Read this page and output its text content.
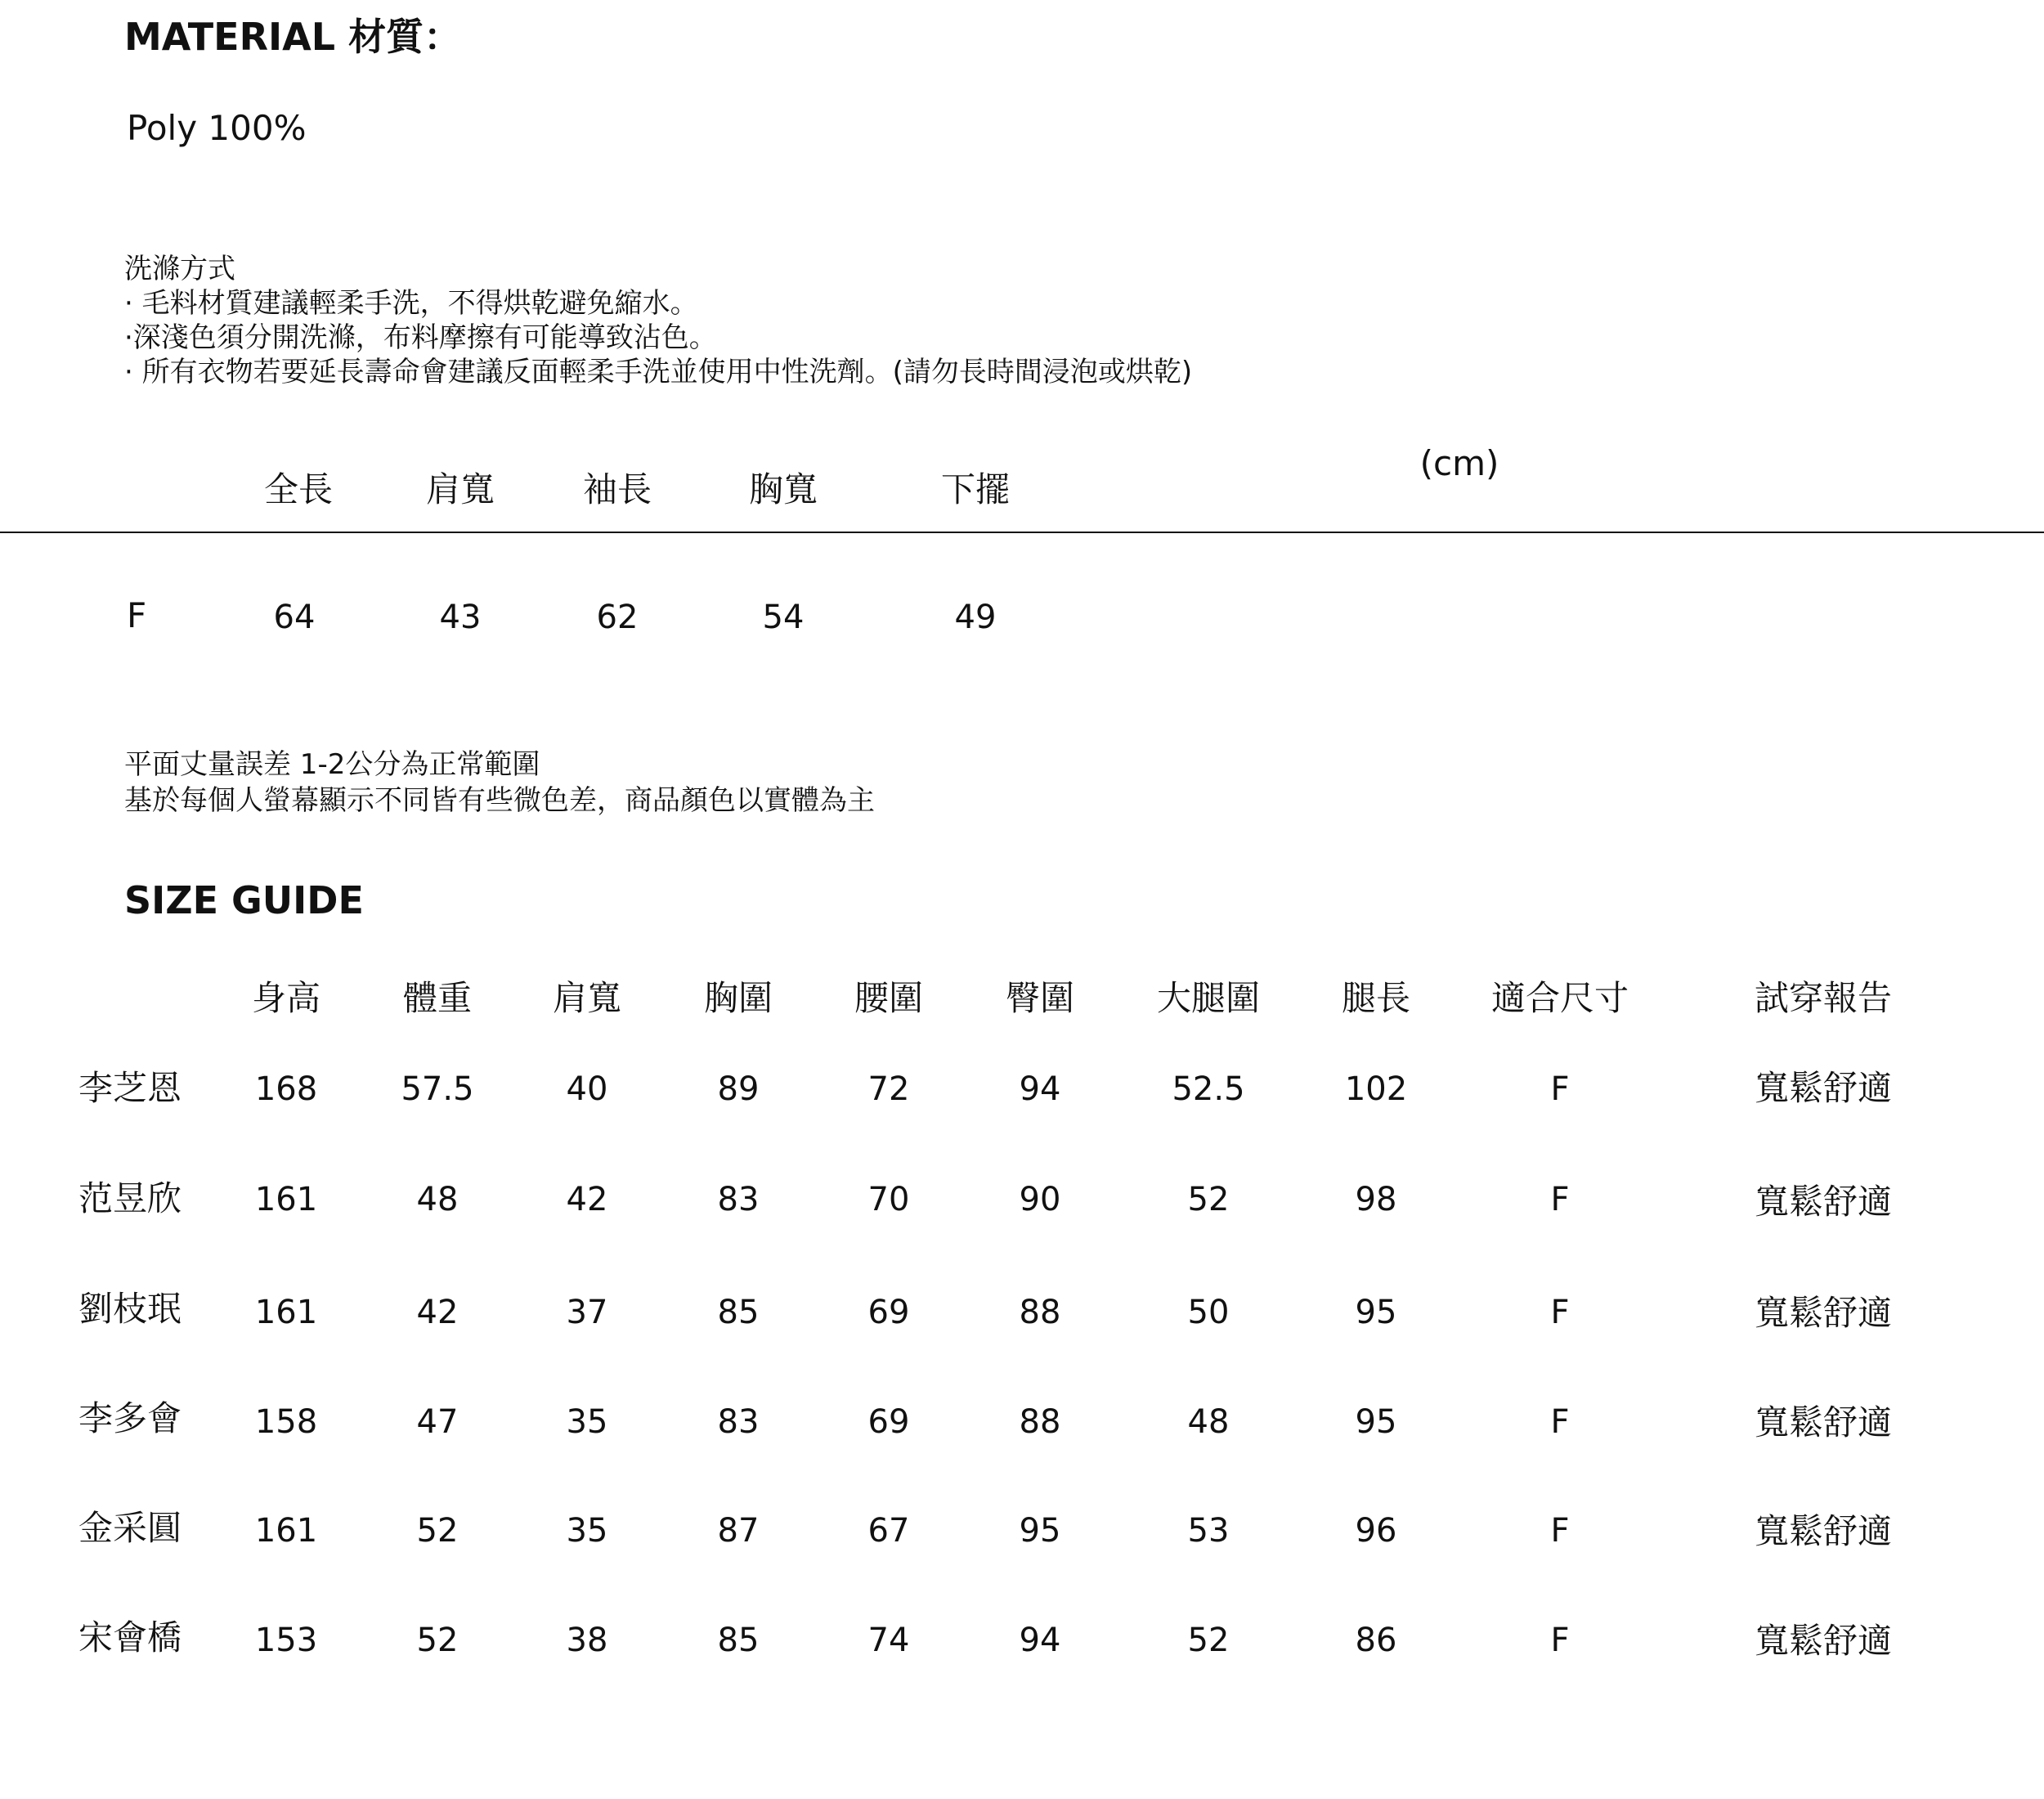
MATERIAL 材質：
Poly 100%
洗滌方式
· 毛料材質建議輕柔手洗，不得烘乾避免縮水。
·深淺色須分開洗滌，布料摩擦有可能導致沾色。
· 所有衣物若要延長壽命會建議反面輕柔手洗並使用中性洗劑。(請勿長時間浸泡或烘乾)
(cm)
全長	肩寬	袖長	胸寬	下擺
F	64	43	62	54	49
平面丈量誤差 1-2公分為正常範圍
基於每個人螢幕顯示不同皆有些微色差，商品顏色以實體為主
SIZE GUIDE
身高 體重 肩寬 胸圍 腰圍 臀圍 大腿圍 腿長 適合尺寸	試穿報告
李芝恩 168	57.5	40	89	72	94	52.5	102	F	寬鬆舒適
范昱欣 161	48	42	83	70	90	52	98	F	寬鬆舒適
劉枝珉 161	42	37	85	69	88	50	95	F	寬鬆舒適
李多會 158	47	35	83	69	88	48	95	F	寬鬆舒適
金采圓 161	52	35	87	67	95	53	96	F	寬鬆舒適
宋會橋 153	52	38	85	74	94	52	86	F	寬鬆舒適
